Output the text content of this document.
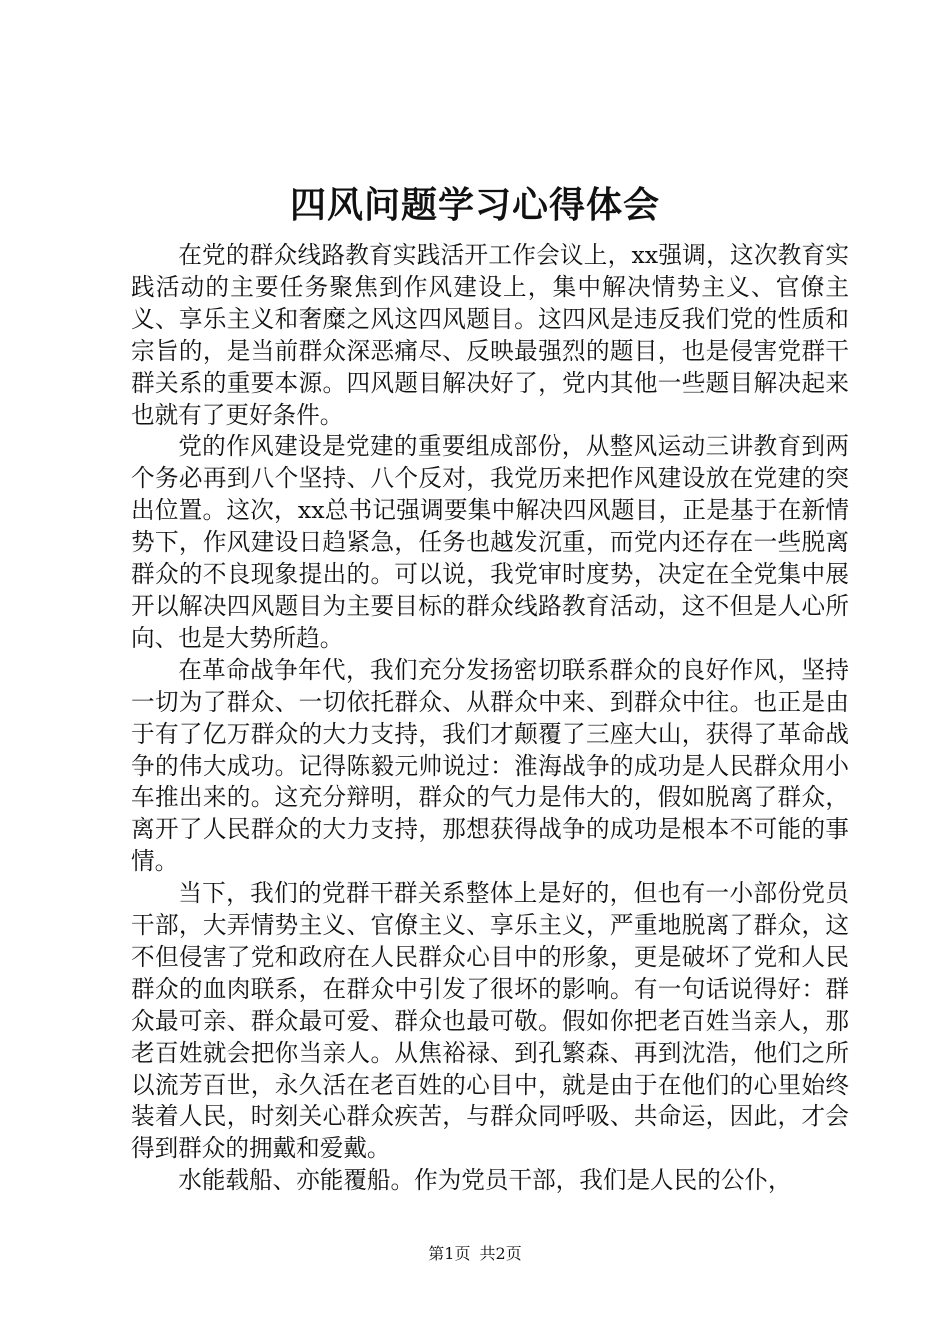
四风问题学习心得体会

在党的群众线路教育实践活开工作会议上，xx强调，这次教育实践活动的主要任务聚焦到作风建设上，集中解决情势主义、官僚主义、享乐主义和奢糜之风这四风题目。这四风是违反我们党的性质和宗旨的，是当前群众深恶痛尽、反映最强烈的题目，也是侵害党群干群关系的重要本源。四风题目解决好了，党内其他一些题目解决起来也就有了更好条件。

党的作风建设是党建的重要组成部份，从整风运动三讲教育到两个务必再到八个坚持、八个反对，我党历来把作风建设放在党建的突出位置。这次，xx总书记强调要集中解决四风题目，正是基于在新情势下，作风建设日趋紧急，任务也越发沉重，而党内还存在一些脱离群众的不良现象提出的。可以说，我党审时度势，决定在全党集中展开以解决四风题目为主要目标的群众线路教育活动，这不但是人心所向、也是大势所趋。

在革命战争年代，我们充分发扬密切联系群众的良好作风，坚持一切为了群众、一切依托群众、从群众中来、到群众中往。也正是由于有了亿万群众的大力支持，我们才颠覆了三座大山，获得了革命战争的伟大成功。记得陈毅元帅说过：淮海战争的成功是人民群众用小车推出来的。这充分辩明，群众的气力是伟大的，假如脱离了群众，离开了人民群众的大力支持，那想获得战争的成功是根本不可能的事情。

当下，我们的党群干群关系整体上是好的，但也有一小部份党员干部，大弄情势主义、官僚主义、享乐主义，严重地脱离了群众，这不但侵害了党和政府在人民群众心目中的形象，更是破坏了党和人民群众的血肉联系，在群众中引发了很坏的影响。有一句话说得好：群众最可亲、群众最可爱、群众也最可敬。假如你把老百姓当亲人，那老百姓就会把你当亲人。从焦裕禄、到孔繁森、再到沈浩，他们之所以流芳百世，永久活在老百姓的心目中，就是由于在他们的心里始终装着人民，时刻关心群众疾苦，与群众同呼吸、共命运，因此，才会得到群众的拥戴和爱戴。

水能载船、亦能覆船。作为党员干部，我们是人民的公仆，

第1页 共2页
